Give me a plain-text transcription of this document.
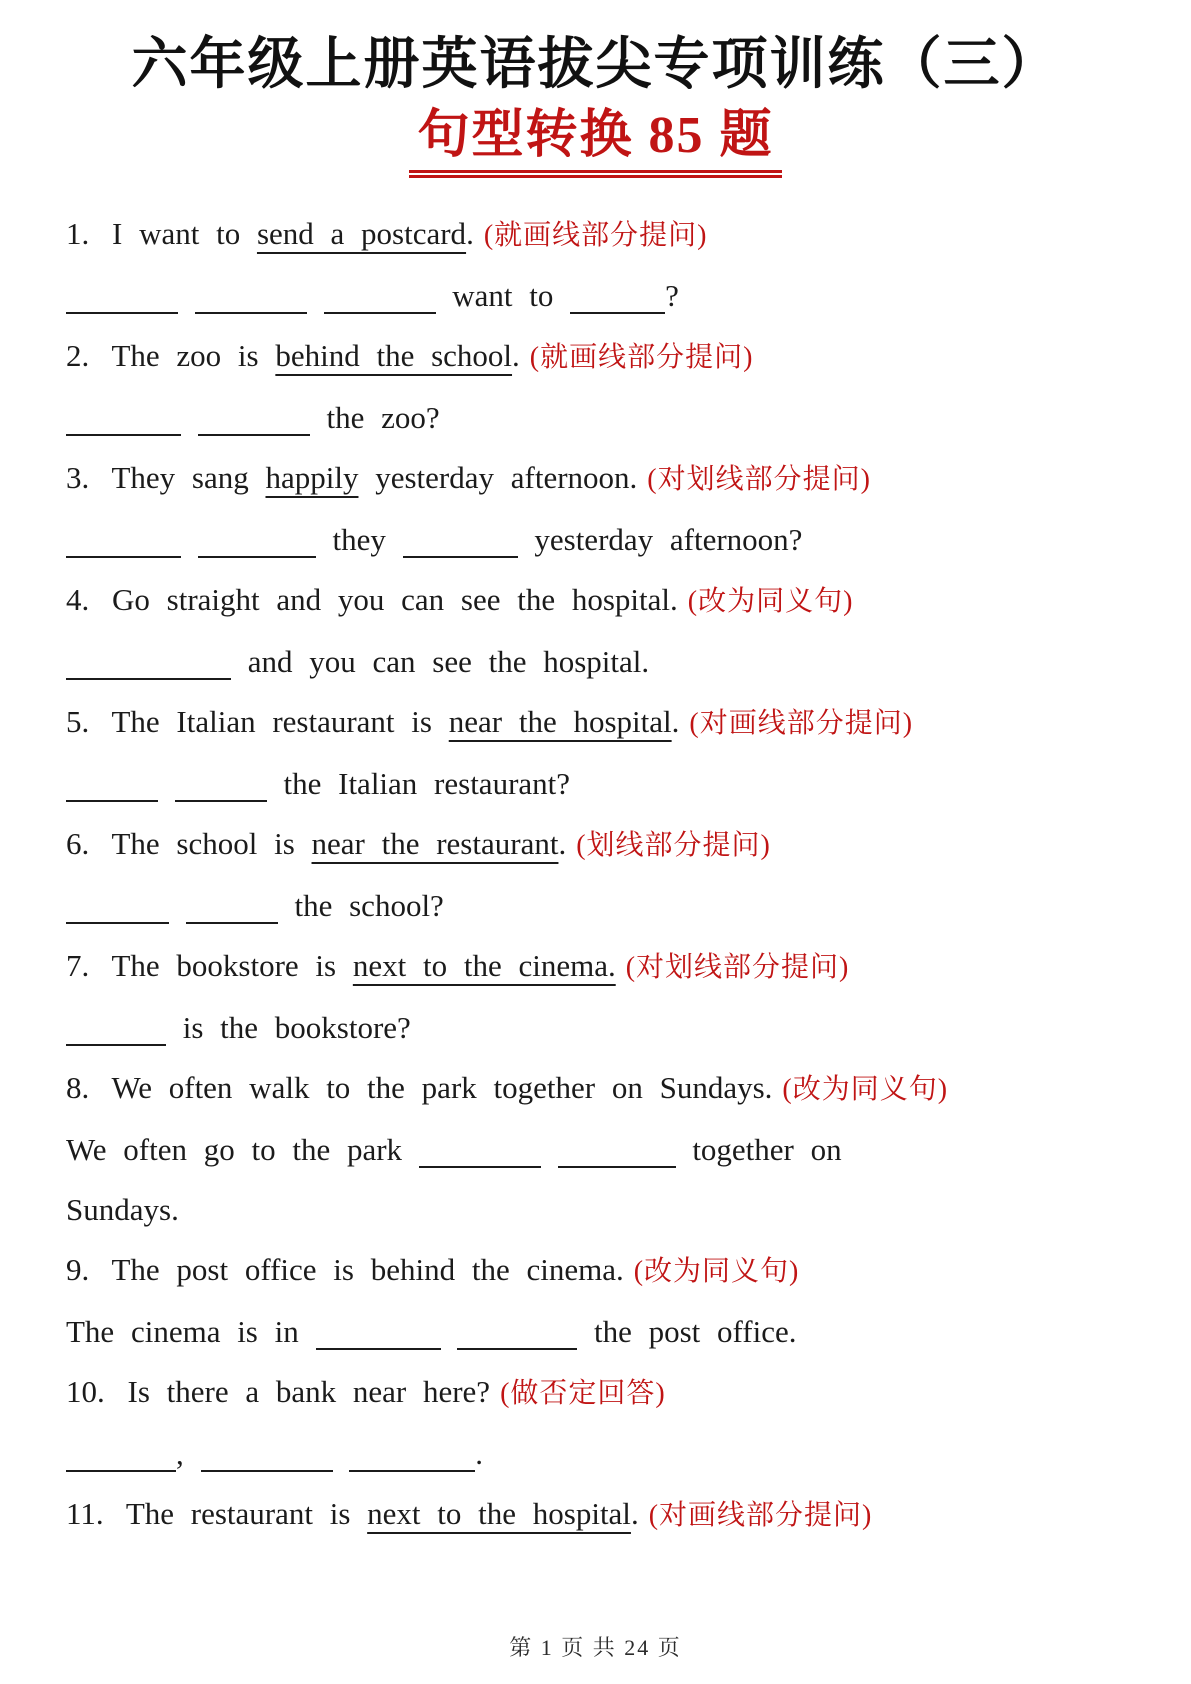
六年级上册英语拔尖专项训练（三）
句型转换 85 题

1. I want to send a postcard. (就画线部分提问)

want to	?

2. The zoo is behind the school. (就画线部分提问)

the zoo?

3. They sang happily yesterday afternoon. (对划线部分提问)

they	yesterday afternoon?

4. Go straight and you can see the hospital. (改为同义句)

and you can see the hospital.

5. The Italian restaurant is near the hospital. (对画线部分提问)

the Italian restaurant?

6. The school is near the restaurant. (划线部分提问)

the school?

7. The bookstore is next to the cinema. (对划线部分提问)

is the bookstore?

8. We often walk to the park together on Sundays. (改为同义句)

We often go to the park	together on

Sundays.

9. The post office is behind the cinema. (改为同义句)

The cinema is in	the post office.

10. Is there a bank near here? (做否定回答)

,	.

11. The restaurant is next to the hospital. (对画线部分提问)

第 1 页 共 24 页
